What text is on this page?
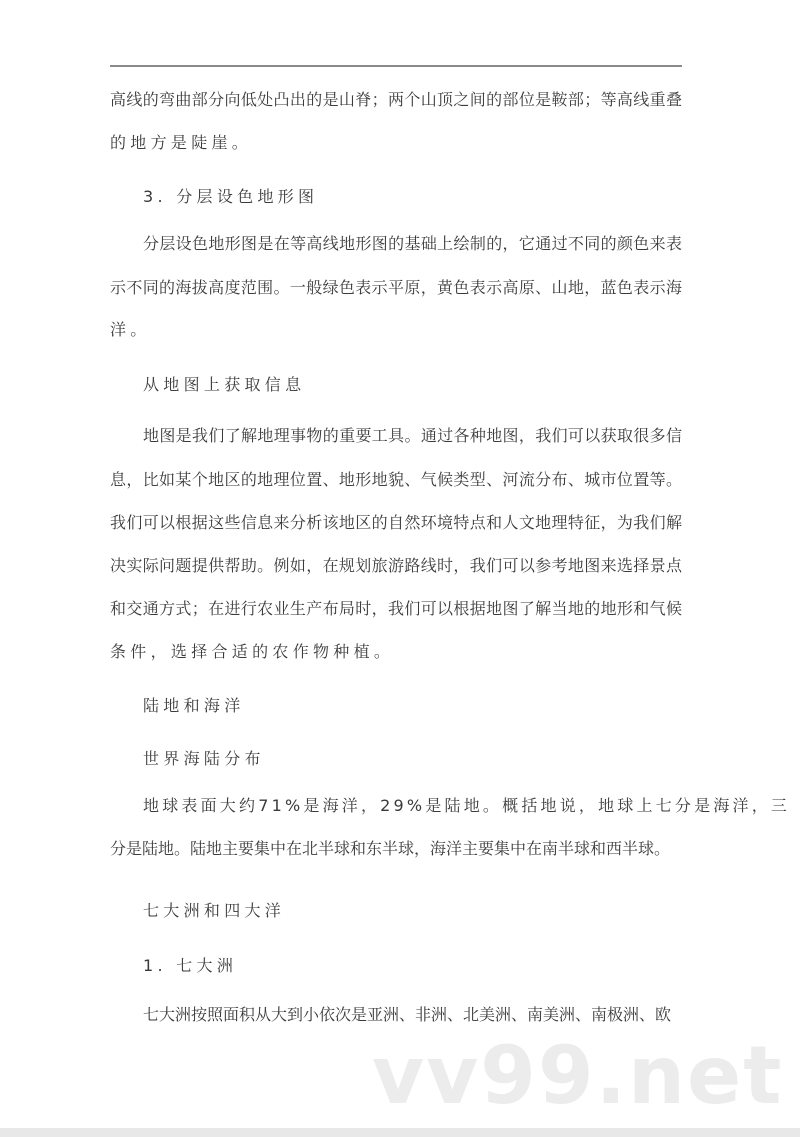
高线的弯曲部分向低处凸出的是山脊；两个山顶之间的部位是鞍部；等高线重叠
的地方是陡崖。
3. 分层设色地形图
分层设色地形图是在等高线地形图的基础上绘制的，它通过不同的颜色来表
示不同的海拔高度范围。一般绿色表示平原，黄色表示高原、山地，蓝色表示海
洋。
从地图上获取信息
地图是我们了解地理事物的重要工具。通过各种地图，我们可以获取很多信
息，比如某个地区的地理位置、地形地貌、气候类型、河流分布、城市位置等。
我们可以根据这些信息来分析该地区的自然环境特点和人文地理特征，为我们解
决实际问题提供帮助。例如，在规划旅游路线时，我们可以参考地图来选择景点
和交通方式；在进行农业生产布局时，我们可以根据地图了解当地的地形和气候
条件，选择合适的农作物种植。
陆地和海洋
世界海陆分布
地球表面大约71%是海洋，29%是陆地。概括地说，地球上七分是海洋，三
分是陆地。陆地主要集中在北半球和东半球，海洋主要集中在南半球和西半球。
七大洲和四大洋
1. 七大洲
七大洲按照面积从大到小依次是亚洲、非洲、北美洲、南美洲、南极洲、欧
vv99.net
